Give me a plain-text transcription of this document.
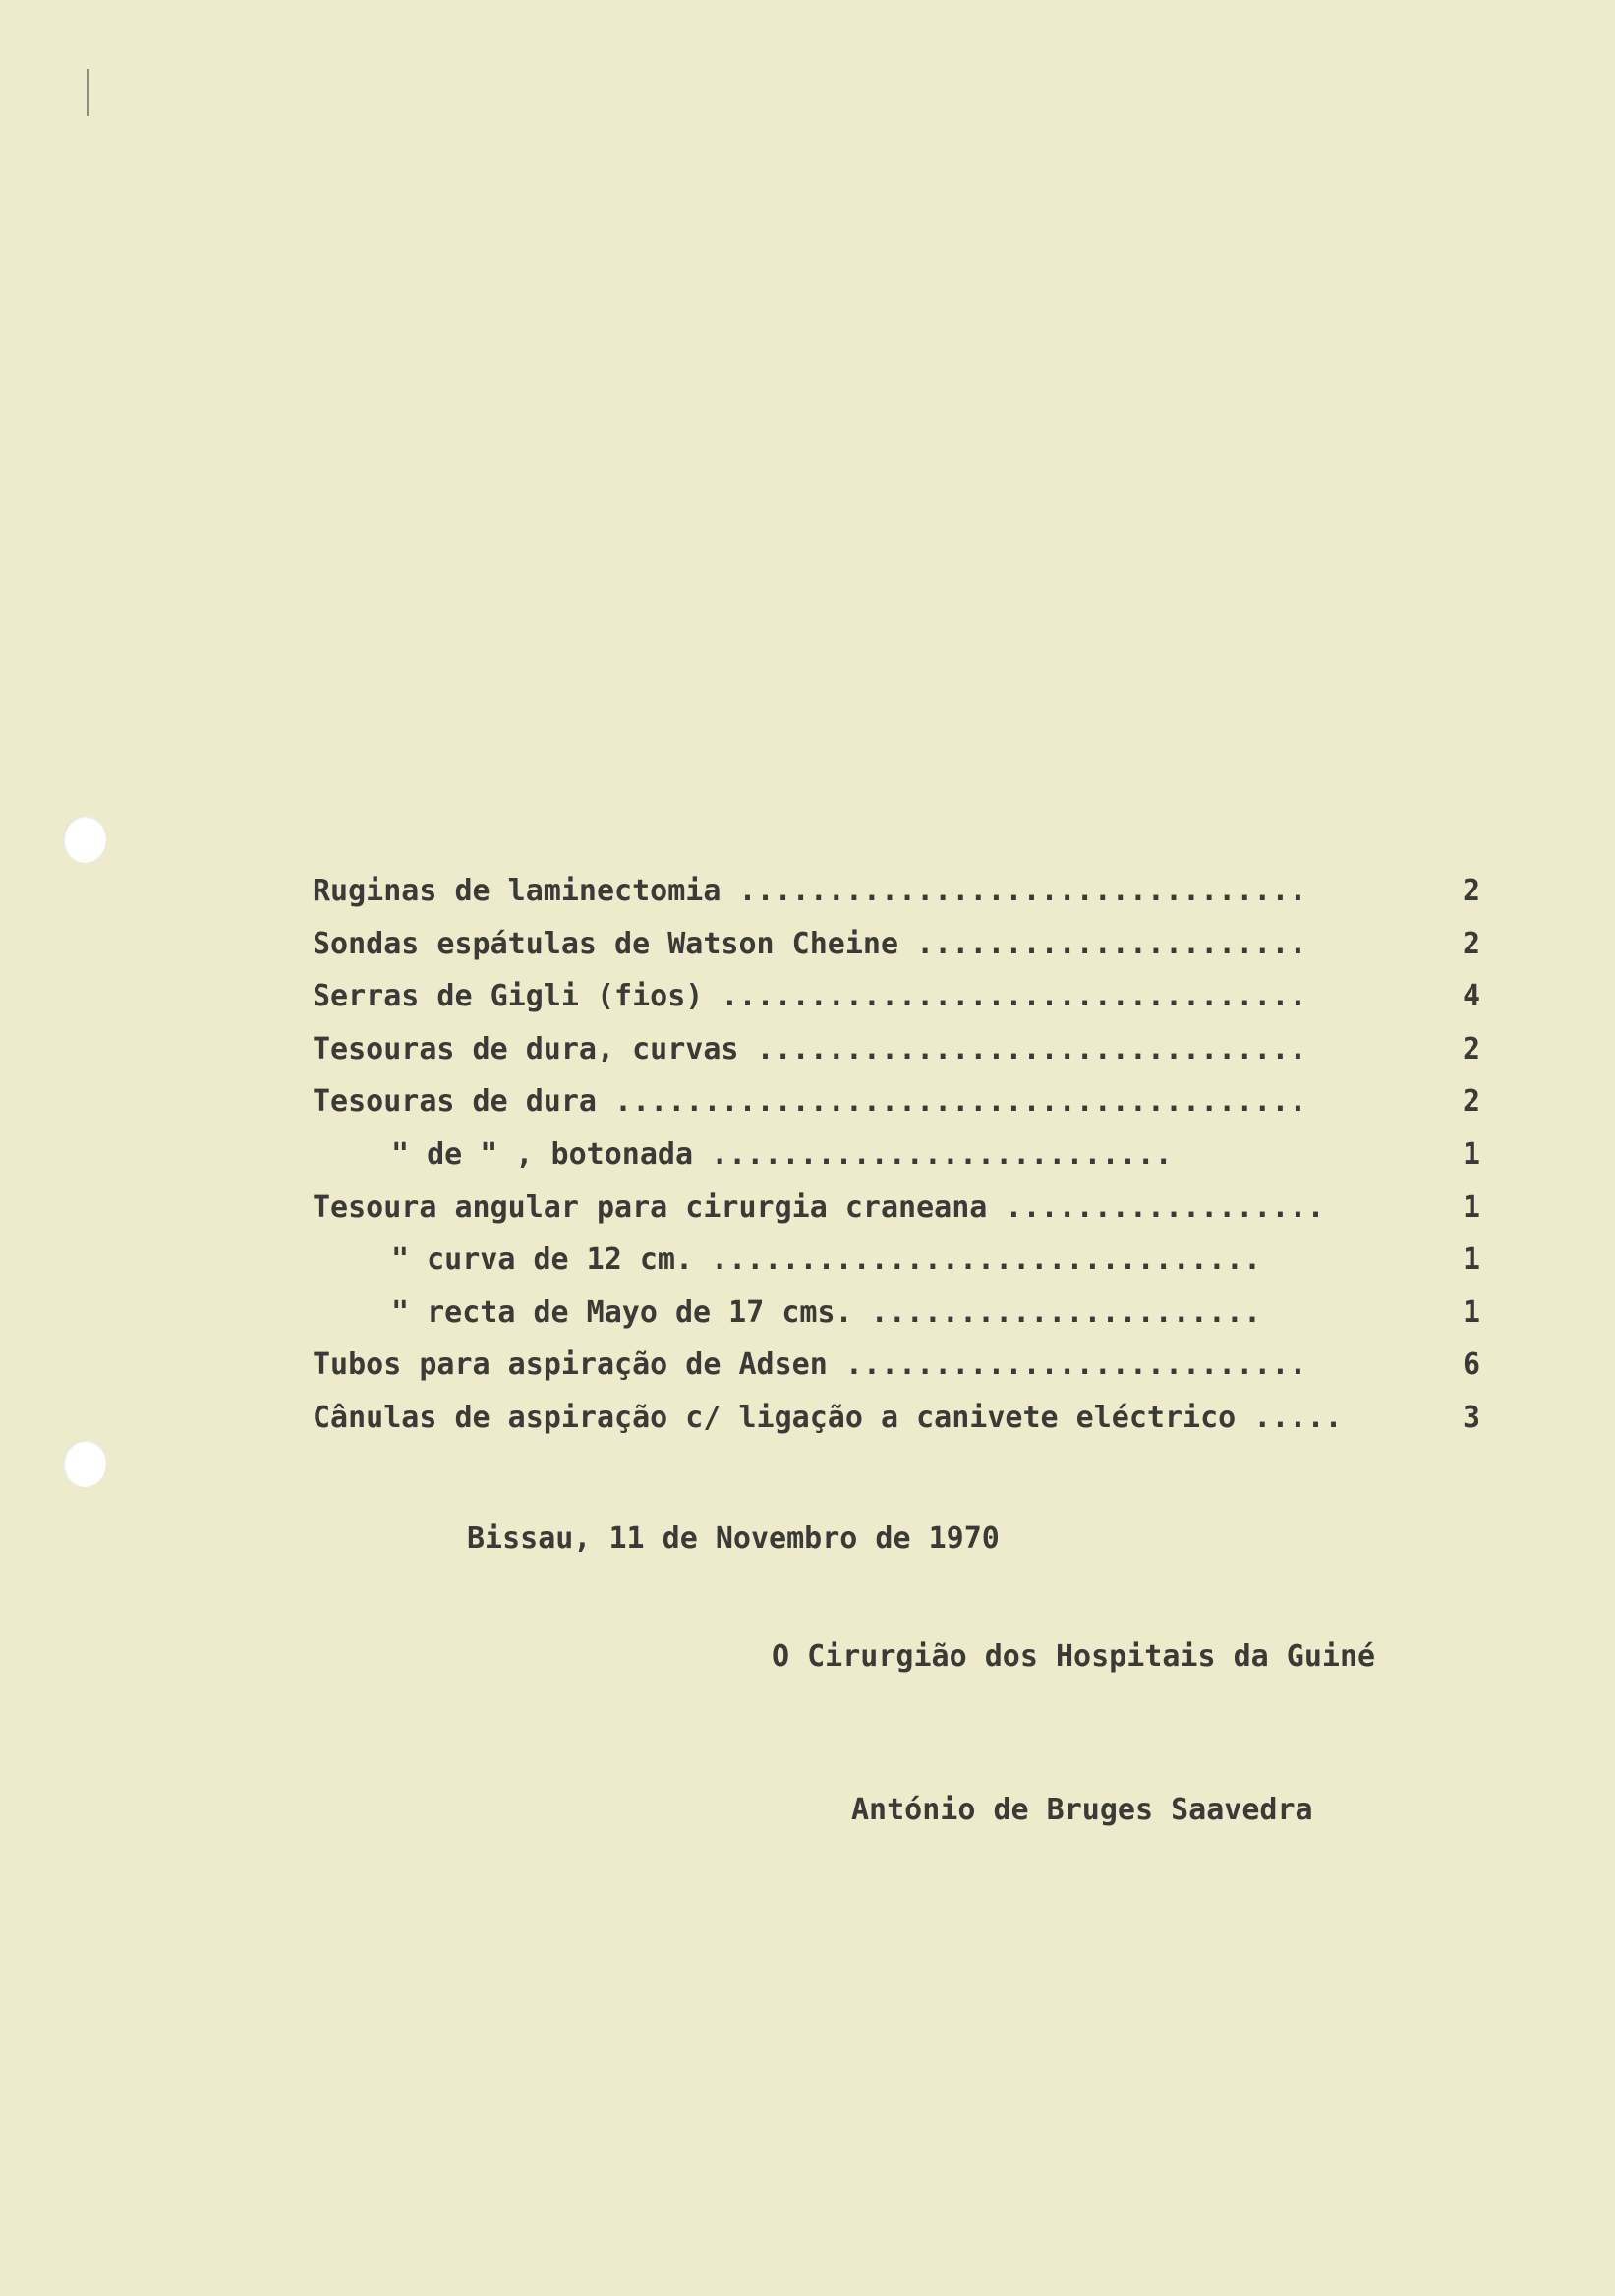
Ruginas de laminectomia ................................	2
Sondas espátulas de Watson Cheine ......................	2
Serras de Gigli (fios) .................................	4
Tesouras de dura, curvas ...............................	2
Tesouras de dura .......................................	2
" de " , botonada ..........................	1
Tesoura angular para cirurgia craneana ..................	1
" curva de 12 cm. ...............................	1
" recta de Mayo de 17 cms. ......................	1
Tubos para aspiração de Adsen ..........................	6
Cânulas de aspiração c/ ligação a canivete eléctrico .....	3
Bissau, 11 de Novembro de 1970
O Cirurgião dos Hospitais da Guiné
António de Bruges Saavedra
